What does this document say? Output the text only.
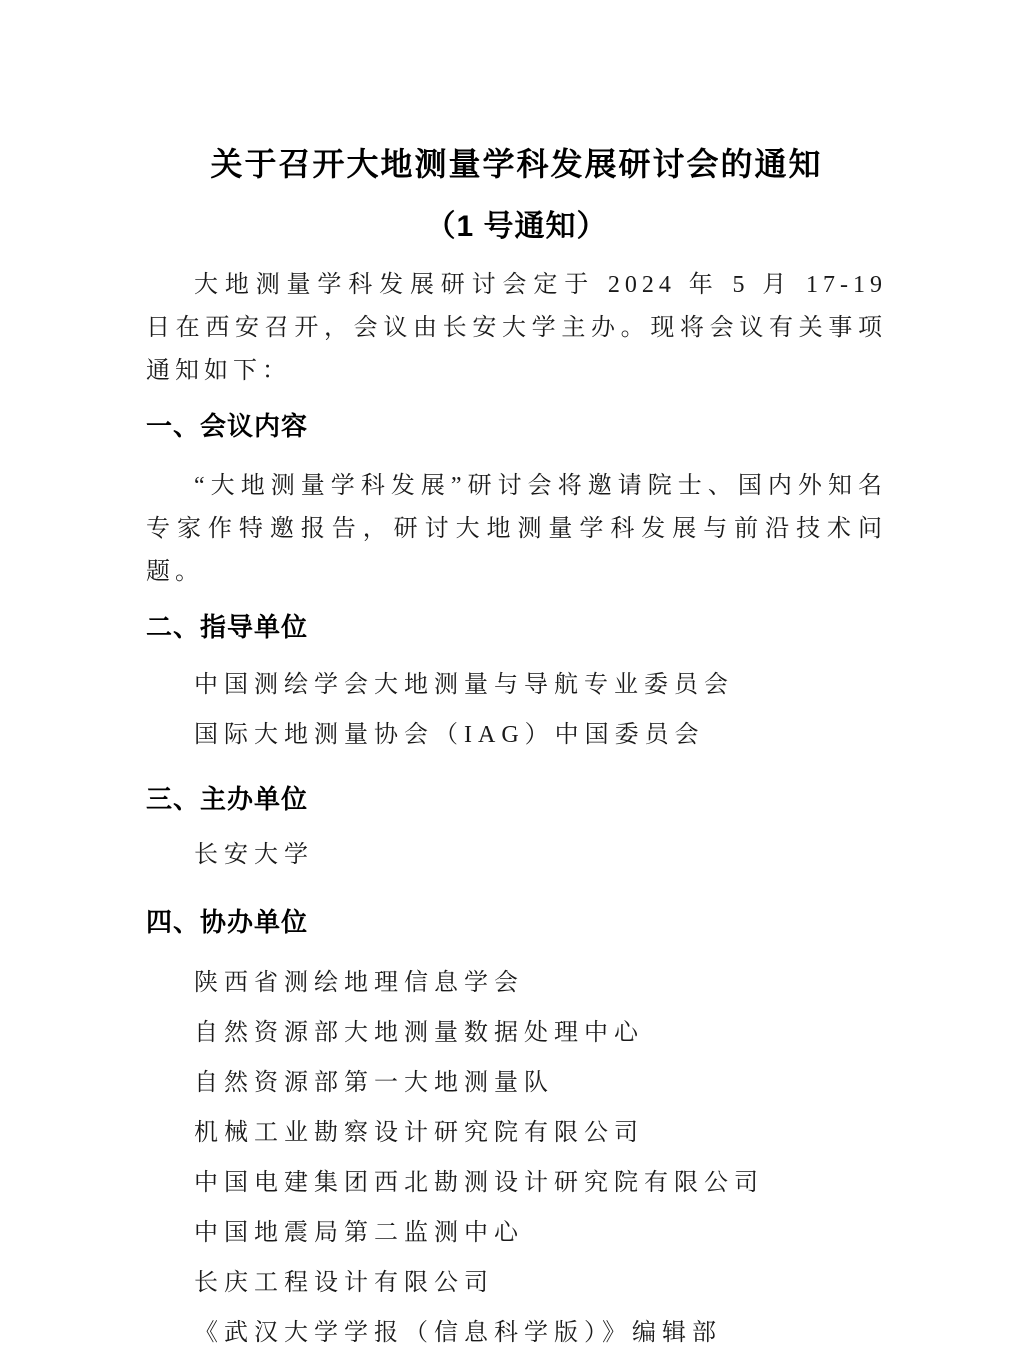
关于召开大地测量学科发展研讨会的通知
（1 号通知）

大地测量学科发展研讨会定于 2024 年 5 月 17-19 日在西安召开，会议由长安大学主办。现将会议有关事项通知如下：

一、会议内容

“大地测量学科发展”研讨会将邀请院士、国内外知名专家作特邀报告，研讨大地测量学科发展与前沿技术问题。

二、指导单位
中国测绘学会大地测量与导航专业委员会
国际大地测量协会（IAG）中国委员会
三、主办单位
长安大学
四、协办单位
陕西省测绘地理信息学会
自然资源部大地测量数据处理中心
自然资源部第一大地测量队
机械工业勘察设计研究院有限公司
中国电建集团西北勘测设计研究院有限公司
中国地震局第二监测中心
长庆工程设计有限公司
《武汉大学学报（信息科学版）》编辑部
